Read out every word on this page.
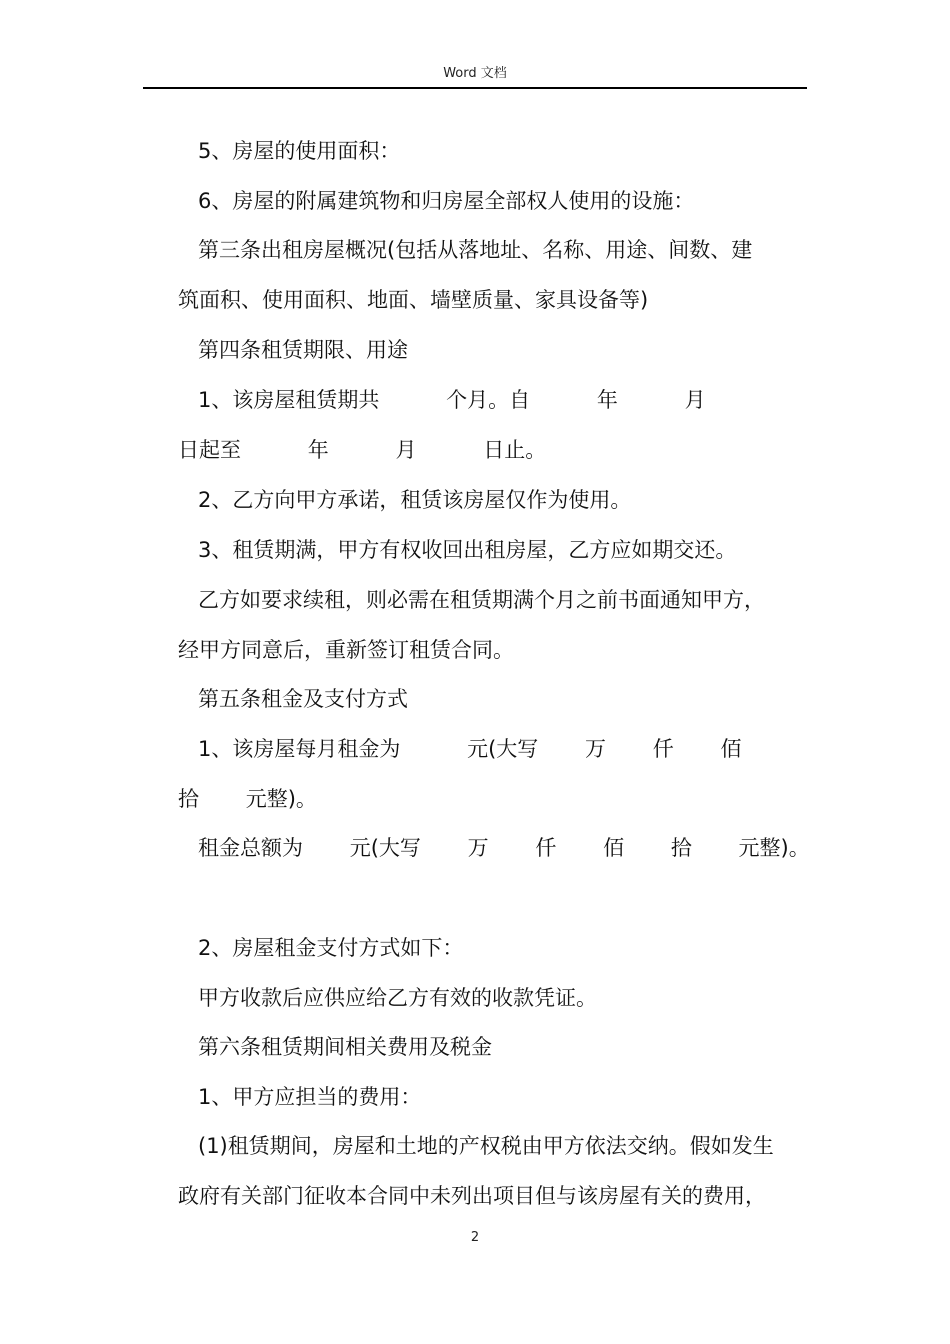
Word 文档
5、房屋的使用面积：
6、房屋的附属建筑物和归房屋全部权人使用的设施：
第三条出租房屋概况(包括从落地址、名称、用途、间数、建
筑面积、使用面积、地面、墙壁质量、家具设备等)
第四条租赁期限、用途
1、该房屋租赁期共          个月。自          年          月
日起至          年          月          日止。
2、乙方向甲方承诺，租赁该房屋仅作为使用。
3、租赁期满，甲方有权收回出租房屋，乙方应如期交还。
乙方如要求续租，则必需在租赁期满个月之前书面通知甲方，
经甲方同意后，重新签订租赁合同。
第五条租金及支付方式
1、该房屋每月租金为          元(大写       万       仟       佰
拾       元整)。
租金总额为       元(大写       万       仟       佰       拾       元整)。
2、房屋租金支付方式如下：
甲方收款后应供应给乙方有效的收款凭证。
第六条租赁期间相关费用及税金
1、甲方应担当的费用：
(1)租赁期间，房屋和土地的产权税由甲方依法交纳。假如发生
政府有关部门征收本合同中未列出项目但与该房屋有关的费用，
2
